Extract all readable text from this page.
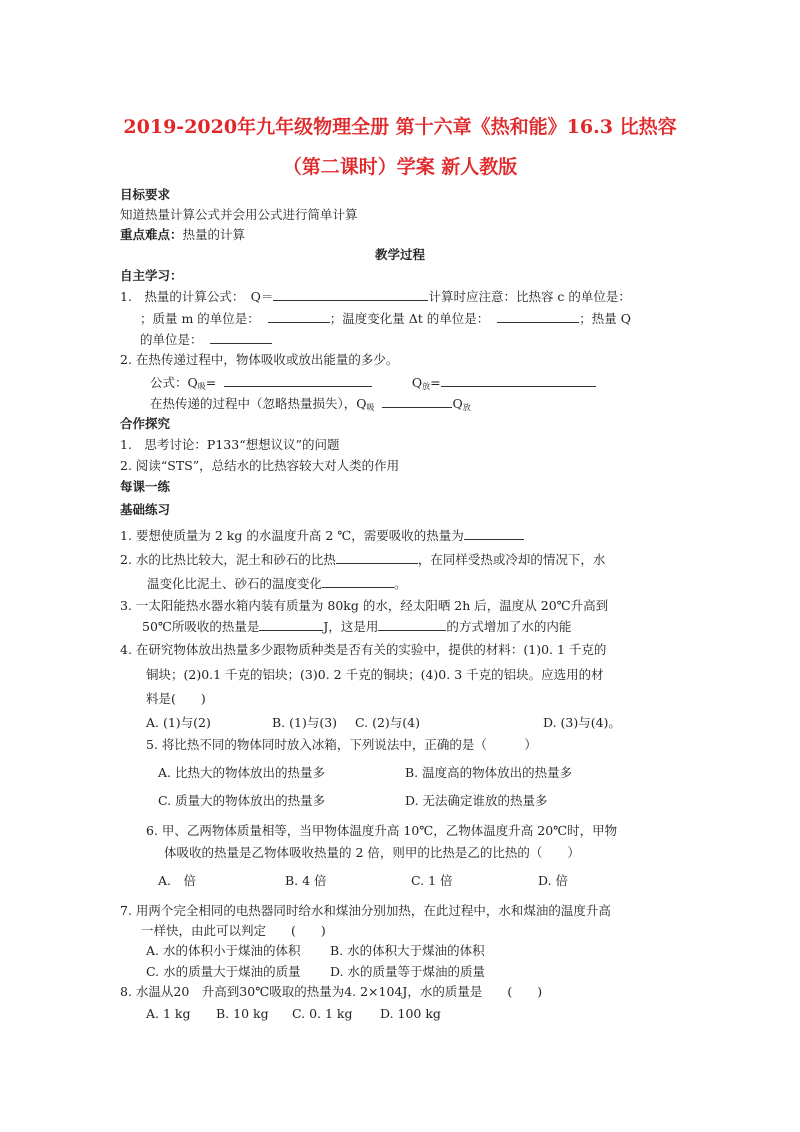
2019-2020年九年级物理全册 第十六章《热和能》16.3 比热容
（第二课时）学案 新人教版
目标要求
知道热量计算公式并会用公式进行简单计算
重点难点：热量的计算
教学过程
自主学习：
1.　热量的计算公式：　Q＝	计算时应注意：比热容 c 的单位是：
；质量 m 的单位是：	；温度变化量 Δt 的单位是：	；热量 Q
的单位是：
2. 在热传递过程中，物体吸收或放出能量的多少。
公式：$Q_吸=$	$Q_放=$
在热传递的过程中（忽略热量损失），$Q_吸$	$Q_放$
合作探究
1.　思考讨论：P133“想想议议”的问题
2. 阅读“STS”，总结水的比热容较大对人类的作用
每课一练
基础练习
1. 要想使质量为 2 kg 的水温度升高 2 ℃，需要吸收的热量为
2. 水的比热比较大，泥土和砂石的比热	，在同样受热或冷却的情况下，水
温变化比泥土、砂石的温度变化	。
3. 一太阳能热水器水箱内装有质量为 80kg 的水，经太阳晒 2h 后，温度从 20℃升高到
50℃所吸收的热量是	J，这是用	的方式增加了水的内能
4. 在研究物体放出热量多少跟物质种类是否有关的实验中，提供的材料：(1)0. 1 千克的
铜块；(2)0.1 千克的铝块；(3)0. 2 千克的铜块；(4)0. 3 千克的铝块。应选用的材
料是(　　)
A. (1)与(2)	B. (1)与(3) C. (2)与(4)	D. (3)与(4)。
5. 将比热不同的物体同时放入冰箱，下列说法中，正确的是（　　　）
A. 比热大的物体放出的热量多	B. 温度高的物体放出的热量多
C. 质量大的物体放出的热量多	D. 无法确定谁放的热量多
6. 甲、乙两物体质量相等，当甲物体温度升高 10℃，乙物体温度升高 20℃时，甲物
体吸收的热量是乙物体吸收热量的 2 倍，则甲的比热是乙的比热的（　　）
A.　倍	B. 4 倍	C. 1 倍	D. 倍
7. 用两个完全相同的电热器同时给水和煤油分别加热，在此过程中，水和煤油的温度升高
一样快，由此可以判定　　(　　)
A. 水的体积小于煤油的体积 B. 水的体积大于煤油的体积
C. 水的质量大于煤油的质量 D. 水的质量等于煤油的质量
8. 水温从20　升高到30℃吸取的热量为4. 2×104J，水的质量是　　(　　)
A. 1 kg B. 10 kg C. 0. 1 kg D. 100 kg
